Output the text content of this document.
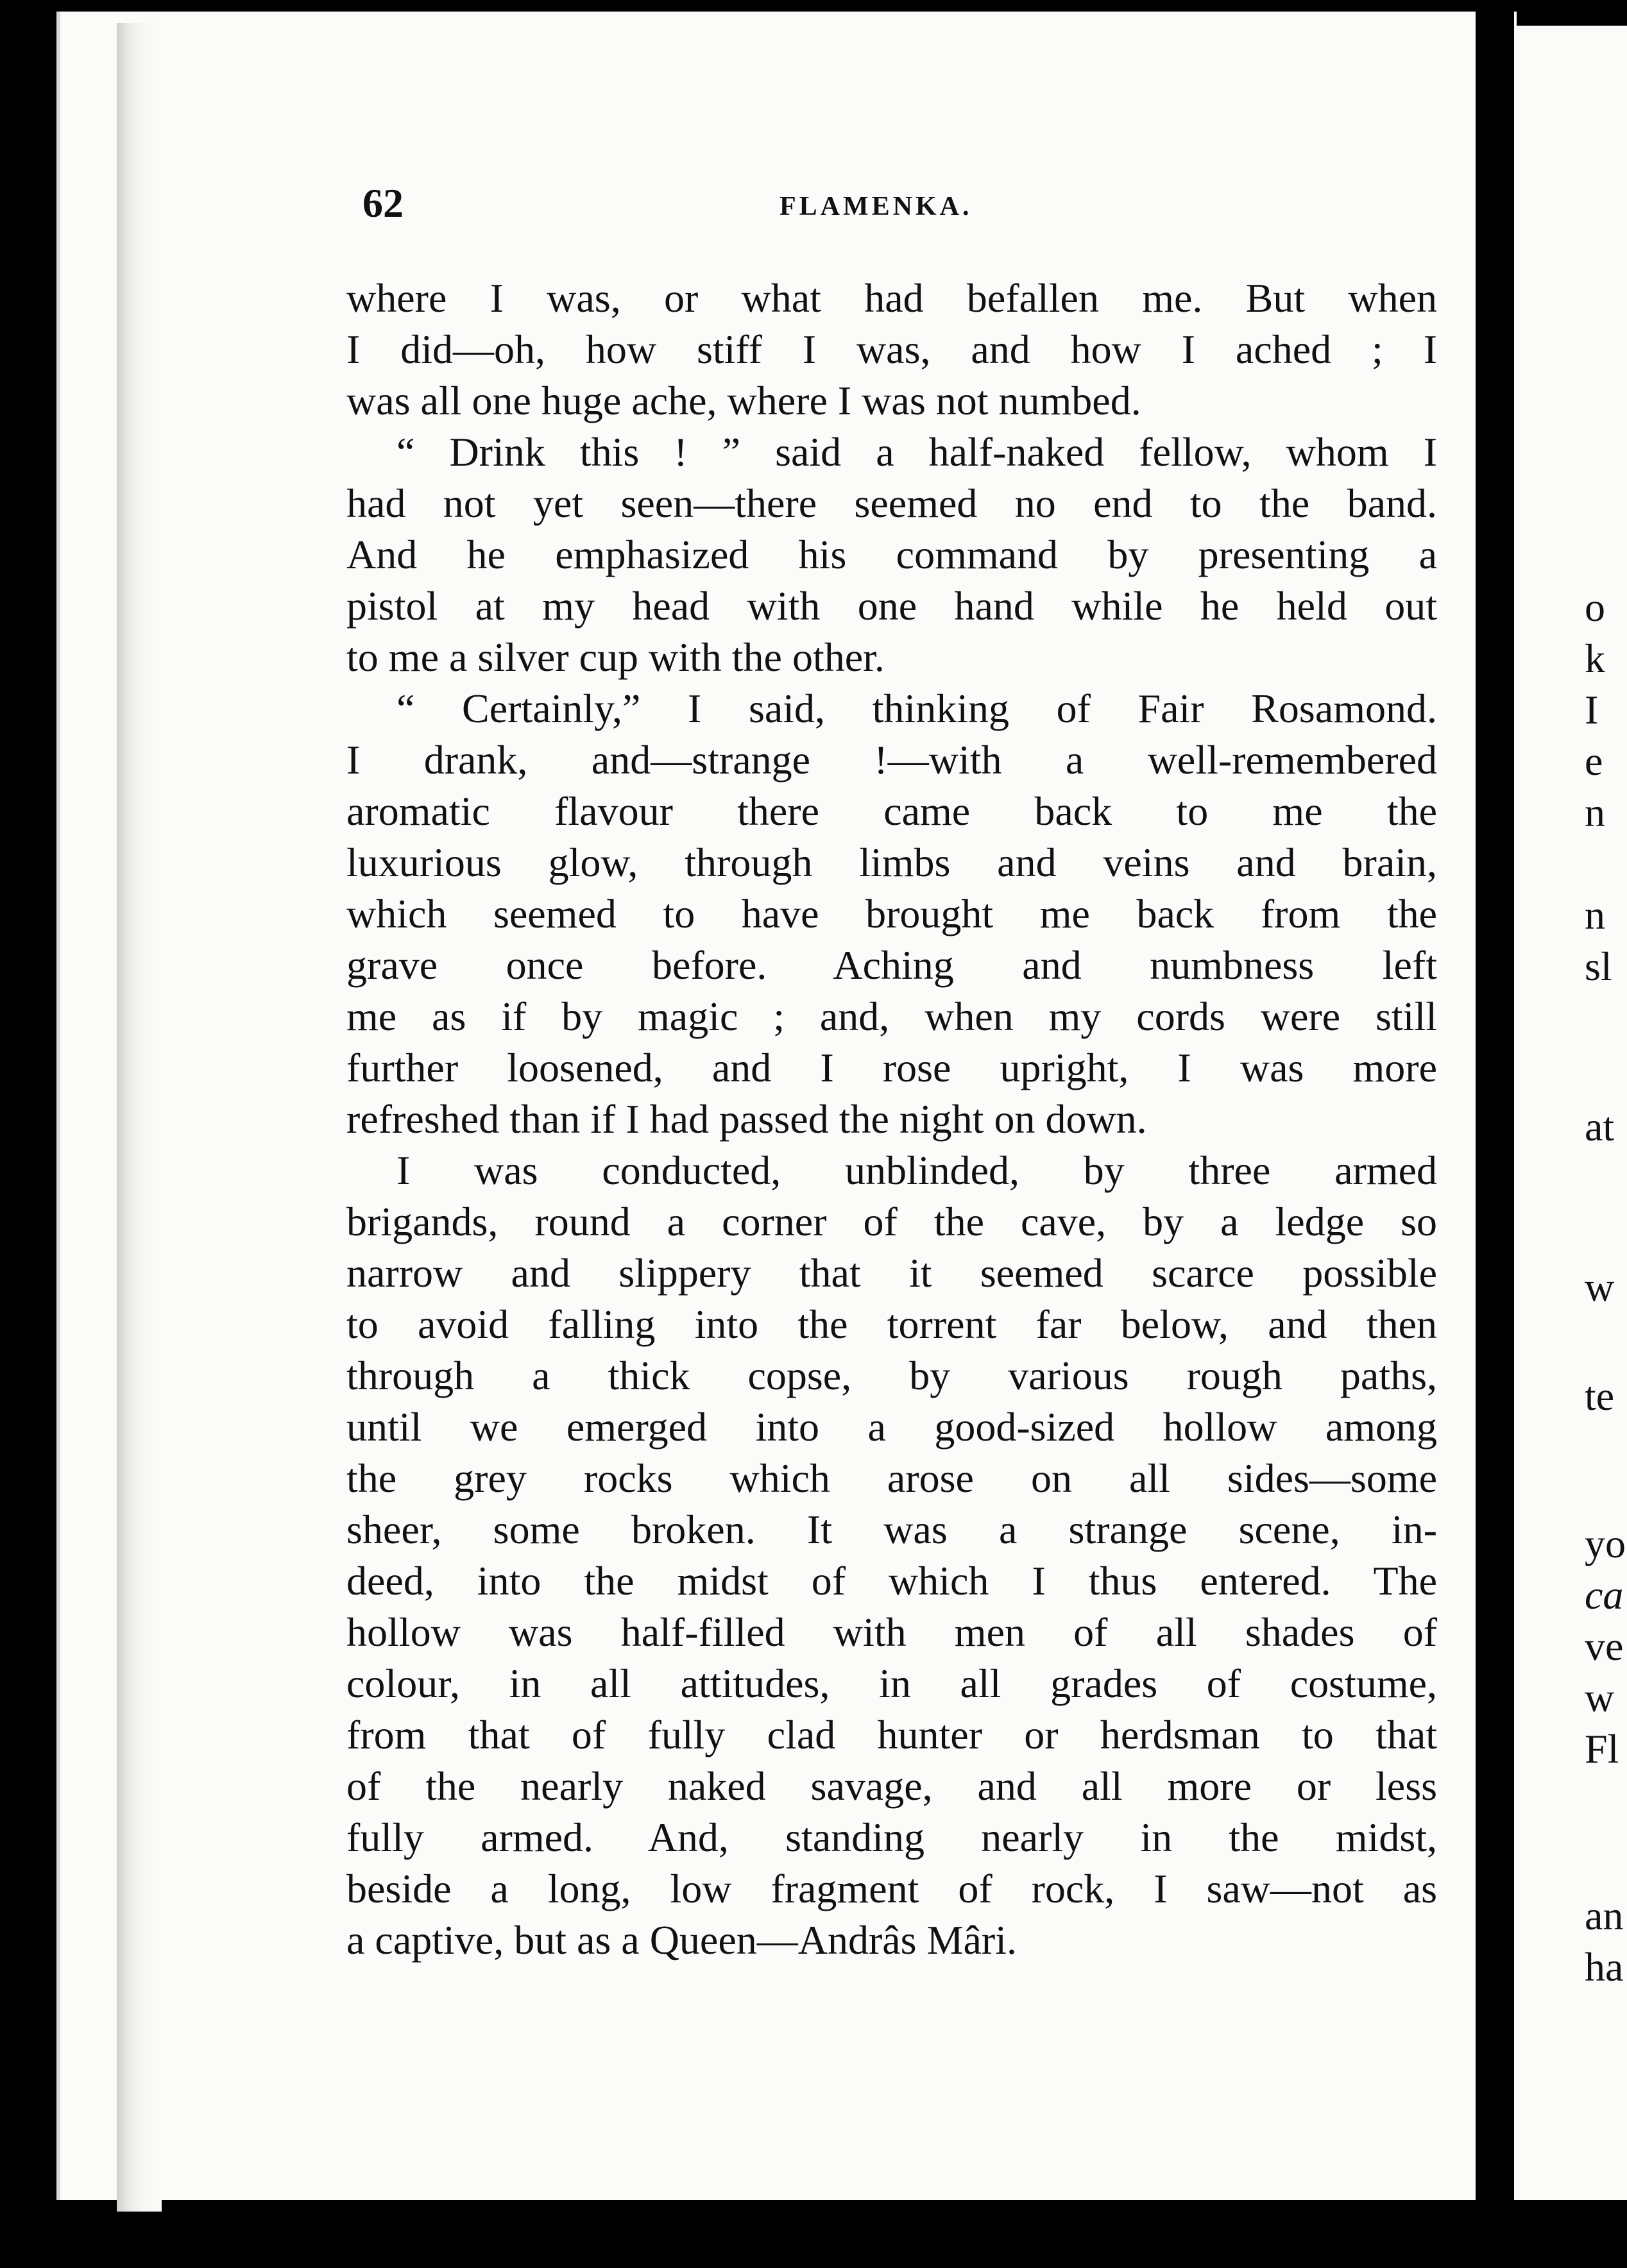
o
k
I
e
n
n
sl
at
w
te
yo
ca
ve
w
Fl
an
ha
62	FLAMENKA.
where I was, or what had befallen me. But when
I did—oh, how stiff I was, and how I ached ; I
was all one huge ache, where I was not numbed.
“ Drink this ! ” said a half-naked fellow, whom I
had not yet seen—there seemed no end to the band.
And he emphasized his command by presenting a
pistol at my head with one hand while he held out
to me a silver cup with the other.
“ Certainly,” I said, thinking of Fair Rosamond.
I drank, and—strange !—with a well-remembered
aromatic flavour there came back to me the
luxurious glow, through limbs and veins and brain,
which seemed to have brought me back from the
grave once before. Aching and numbness left
me as if by magic ; and, when my cords were still
further loosened, and I rose upright, I was more
refreshed than if I had passed the night on down.
I was conducted, unblinded, by three armed
brigands, round a corner of the cave, by a ledge so
narrow and slippery that it seemed scarce possible
to avoid falling into the torrent far below, and then
through a thick copse, by various rough paths,
until we emerged into a good-sized hollow among
the grey rocks which arose on all sides—some
sheer, some broken. It was a strange scene, in-
deed, into the midst of which I thus entered. The
hollow was half-filled with men of all shades of
colour, in all attitudes, in all grades of costume,
from that of fully clad hunter or herdsman to that
of the nearly naked savage, and all more or less
fully armed. And, standing nearly in the midst,
beside a long, low fragment of rock, I saw—not as
a captive, but as a Queen—Andrâs Mâri.
